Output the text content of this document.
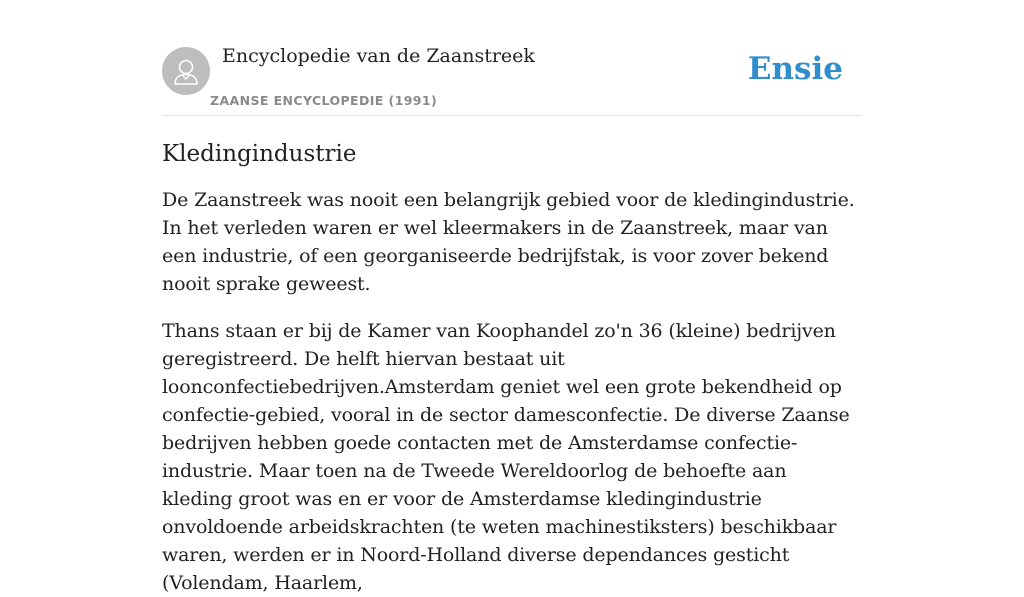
Encyclopedie van de Zaanstreek
ZAANSE ENCYCLOPEDIE (1991)
Ensie
Kledingindustrie

De Zaanstreek was nooit een belangrijk gebied voor de kledingindustrie. In het verleden waren er wel kleermakers in de Zaanstreek, maar van een industrie, of een georganiseerde bedrijfstak, is voor zover bekend nooit sprake geweest.

Thans staan er bij de Kamer van Koophandel zo'n 36 (kleine) bedrijven geregistreerd. De helft hiervan bestaat uit loonconfectiebedrijven.Amsterdam geniet wel een grote bekendheid op confectie-gebied, vooral in de sector damesconfectie. De diverse Zaanse bedrijven hebben goede contacten met de Amsterdamse confectie-industrie. Maar toen na de Tweede Wereldoorlog de behoefte aan kleding groot was en er voor de Amsterdamse kledingindustrie onvoldoende arbeidskrachten (te weten machinestiksters) beschikbaar waren, werden er in Noord-Holland diverse dependances gesticht (Volendam, Haarlem,
